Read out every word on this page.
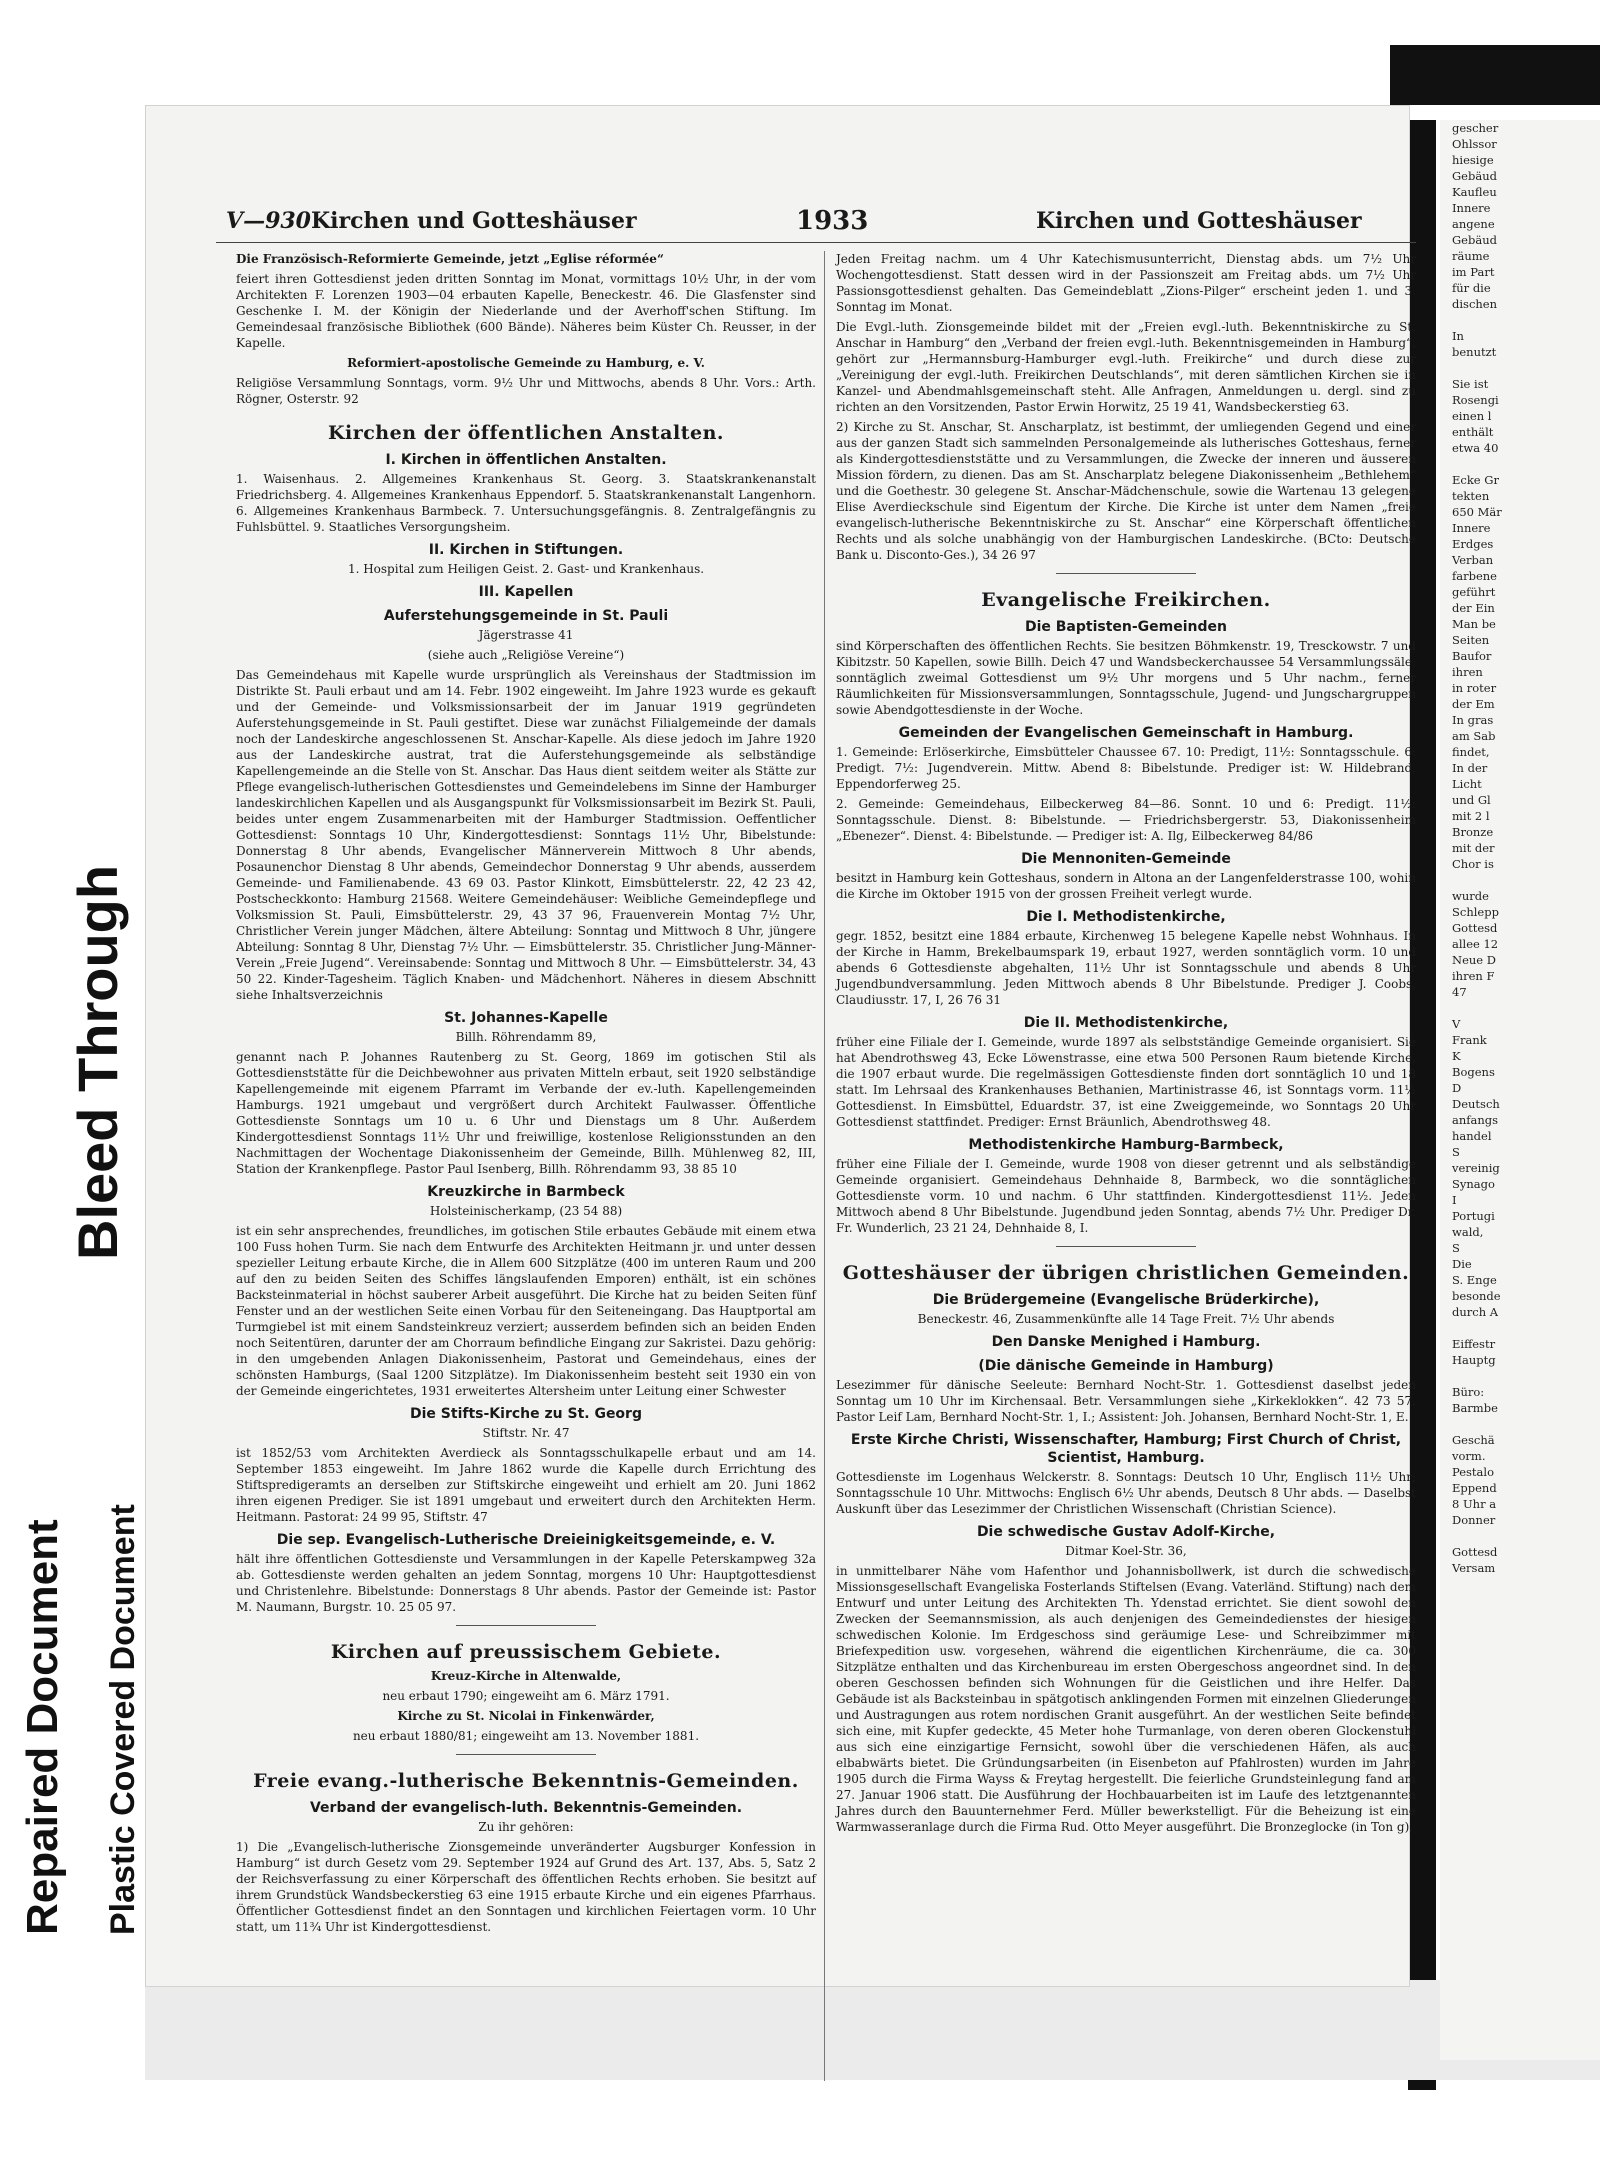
Repaired Document Plastic Covered Document
Bleed Through
gescher
Ohlssor
hiesige
Gebäud
Kaufleu
Innere
angene
Gebäud
räume
im Part
für die
dischen

In
benutzt

Sie ist
Rosengi
einen l
enthält
etwa 40

Ecke Gr
tekten
650 Mär
Innere
Erdges
Verban
farbene
geführt
der Ein
Man be
Seiten
Baufor
ihren
in roter
der Em
In gras
am Sab
findet,
In der
Licht
und Gl
mit 2 l
Bronze
mit der
Chor is

wurde
Schlepp
Gottesd
allee 12
Neue D
ihren F
47

V
Frank
K
Bogens
D
Deutsch
anfangs
handel
S
vereinig
Synago
I
Portugi
wald,
S
Die
S. Enge
besonde
durch A

Eiffestr
Hauptg

Büro:
Barmbe

Geschä
vorm.
Pestalo
Eppend
8 Uhr a
Donner

Gottesd
Versam
V—930 Kirchen und Gotteshäuser	1933	Kirchen und Gotteshäuser

Die Französisch-Reformierte Gemeinde, jetzt „Eglise réformée“

feiert ihren Gottesdienst jeden dritten Sonntag im Monat, vormittags 10½ Uhr, in der vom Architekten F. Lorenzen 1903—04 erbauten Kapelle, Beneckestr. 46. Die Glasfenster sind Geschenke I. M. der Königin der Niederlande und der Averhoff'schen Stiftung. Im Gemeindesaal französische Bibliothek (600 Bände). Näheres beim Küster Ch. Reusser, in der Kapelle.

Reformiert-apostolische Gemeinde zu Hamburg, e. V.

Religiöse Versammlung Sonntags, vorm. 9½ Uhr und Mittwochs, abends 8 Uhr. Vors.: Arth. Rögner, Osterstr. 92

Kirchen der öffentlichen Anstalten.
I. Kirchen in öffentlichen Anstalten.

1. Waisenhaus. 2. Allgemeines Krankenhaus St. Georg. 3. Staatskrankenanstalt Friedrichsberg. 4. Allgemeines Krankenhaus Eppendorf. 5. Staatskrankenanstalt Langenhorn. 6. Allgemeines Krankenhaus Barmbeck. 7. Untersuchungsgefängnis. 8. Zentralgefängnis zu Fuhlsbüttel. 9. Staatliches Versorgungsheim.

II. Kirchen in Stiftungen.

1. Hospital zum Heiligen Geist. 2. Gast- und Krankenhaus.

III. Kapellen
Auferstehungsgemeinde in St. Pauli

Jägerstrasse 41

(siehe auch „Religiöse Vereine“)

Das Gemeindehaus mit Kapelle wurde ursprünglich als Vereinshaus der Stadtmission im Distrikte St. Pauli erbaut und am 14. Febr. 1902 eingeweiht. Im Jahre 1923 wurde es gekauft und der Gemeinde- und Volksmissionsarbeit der im Januar 1919 gegründeten Auferstehungsgemeinde in St. Pauli gestiftet. Diese war zunächst Filialgemeinde der damals noch der Landeskirche angeschlossenen St. Anschar-Kapelle. Als diese jedoch im Jahre 1920 aus der Landeskirche austrat, trat die Auferstehungsgemeinde als selbständige Kapellengemeinde an die Stelle von St. Anschar. Das Haus dient seitdem weiter als Stätte zur Pflege evangelisch-lutherischen Gottesdienstes und Gemeindelebens im Sinne der Hamburger landeskirchlichen Kapellen und als Ausgangspunkt für Volksmissionsarbeit im Bezirk St. Pauli, beides unter engem Zusammenarbeiten mit der Hamburger Stadtmission. Oeffentlicher Gottesdienst: Sonntags 10 Uhr, Kindergottesdienst: Sonntags 11½ Uhr, Bibelstunde: Donnerstag 8 Uhr abends, Evangelischer Männerverein Mittwoch 8 Uhr abends, Posaunenchor Dienstag 8 Uhr abends, Gemeindechor Donnerstag 9 Uhr abends, ausserdem Gemeinde- und Familienabende. 43 69 03. Pastor Klinkott, Eimsbüttelerstr. 22, 42 23 42, Postscheckkonto: Hamburg 21568. Weitere Gemeindehäuser: Weibliche Gemeindepflege und Volksmission St. Pauli, Eimsbüttelerstr. 29, 43 37 96, Frauenverein Montag 7½ Uhr, Christlicher Verein junger Mädchen, ältere Abteilung: Sonntag und Mittwoch 8 Uhr, jüngere Abteilung: Sonntag 8 Uhr, Dienstag 7½ Uhr. — Eimsbüttelerstr. 35. Christlicher Jung-Männer-Verein „Freie Jugend“. Vereinsabende: Sonntag und Mittwoch 8 Uhr. — Eimsbüttelerstr. 34, 43 50 22. Kinder-Tagesheim. Täglich Knaben- und Mädchenhort. Näheres in diesem Abschnitt siehe Inhaltsverzeichnis

St. Johannes-Kapelle

Billh. Röhrendamm 89,

genannt nach P. Johannes Rautenberg zu St. Georg, 1869 im gotischen Stil als Gottesdienststätte für die Deichbewohner aus privaten Mitteln erbaut, seit 1920 selbständige Kapellengemeinde mit eigenem Pfarramt im Verbande der ev.-luth. Kapellengemeinden Hamburgs. 1921 umgebaut und vergrößert durch Architekt Faulwasser. Öffentliche Gottesdienste Sonntags um 10 u. 6 Uhr und Dienstags um 8 Uhr. Außerdem Kindergottesdienst Sonntags 11½ Uhr und freiwillige, kostenlose Religionsstunden an den Nachmittagen der Wochentage Diakonissenheim der Gemeinde, Billh. Mühlenweg 82, III, Station der Krankenpflege. Pastor Paul Isenberg, Billh. Röhrendamm 93, 38 85 10

Kreuzkirche in Barmbeck

Holsteinischerkamp, (23 54 88)

ist ein sehr ansprechendes, freundliches, im gotischen Stile erbautes Gebäude mit einem etwa 100 Fuss hohen Turm. Sie nach dem Entwurfe des Architekten Heitmann jr. und unter dessen spezieller Leitung erbaute Kirche, die in Allem 600 Sitzplätze (400 im unteren Raum und 200 auf den zu beiden Seiten des Schiffes längslaufenden Emporen) enthält, ist ein schönes Backsteinmaterial in höchst sauberer Arbeit ausgeführt. Die Kirche hat zu beiden Seiten fünf Fenster und an der westlichen Seite einen Vorbau für den Seiteneingang. Das Hauptportal am Turmgiebel ist mit einem Sandsteinkreuz verziert; ausserdem befinden sich an beiden Enden noch Seitentüren, darunter der am Chorraum befindliche Eingang zur Sakristei. Dazu gehörig: in den umgebenden Anlagen Diakonissenheim, Pastorat und Gemeindehaus, eines der schönsten Hamburgs, (Saal 1200 Sitzplätze). Im Diakonissenheim besteht seit 1930 ein von der Gemeinde eingerichtetes, 1931 erweitertes Altersheim unter Leitung einer Schwester

Die Stifts-Kirche zu St. Georg

Stiftstr. Nr. 47

ist 1852/53 vom Architekten Averdieck als Sonntagsschulkapelle erbaut und am 14. September 1853 eingeweiht. Im Jahre 1862 wurde die Kapelle durch Errichtung des Stiftspredigeramts an derselben zur Stiftskirche eingeweiht und erhielt am 20. Juni 1862 ihren eigenen Prediger. Sie ist 1891 umgebaut und erweitert durch den Architekten Herm. Heitmann. Pastorat: 24 99 95, Stiftstr. 47

Die sep. Evangelisch-Lutherische Dreieinigkeitsgemeinde, e. V.

hält ihre öffentlichen Gottesdienste und Versammlungen in der Kapelle Peterskampweg 32a ab. Gottesdienste werden gehalten an jedem Sonntag, morgens 10 Uhr: Hauptgottesdienst und Christenlehre. Bibelstunde: Donnerstags 8 Uhr abends. Pastor der Gemeinde ist: Pastor M. Naumann, Burgstr. 10. 25 05 97.

Kirchen auf preussischem Gebiete.

Kreuz-Kirche in Altenwalde,

neu erbaut 1790; eingeweiht am 6. März 1791.

Kirche zu St. Nicolai in Finkenwärder,

neu erbaut 1880/81; eingeweiht am 13. November 1881.

Freie evang.-lutherische Bekenntnis-Gemeinden.
Verband der evangelisch-luth. Bekenntnis-Gemeinden.

Zu ihr gehören:

1) Die „Evangelisch-lutherische Zionsgemeinde unveränderter Augsburger Konfession in Hamburg“ ist durch Gesetz vom 29. September 1924 auf Grund des Art. 137, Abs. 5, Satz 2 der Reichsverfassung zu einer Körperschaft des öffentlichen Rechts erhoben. Sie besitzt auf ihrem Grundstück Wandsbeckerstieg 63 eine 1915 erbaute Kirche und ein eigenes Pfarrhaus. Öffentlicher Gottesdienst findet an den Sonntagen und kirchlichen Feiertagen vorm. 10 Uhr statt, um 11¾ Uhr ist Kindergottesdienst.

Jeden Freitag nachm. um 4 Uhr Katechismusunterricht, Dienstag abds. um 7½ Uhr Wochengottesdienst. Statt dessen wird in der Passionszeit am Freitag abds. um 7½ Uhr Passionsgottesdienst gehalten. Das Gemeindeblatt „Zions-Pilger“ erscheint jeden 1. und 3. Sonntag im Monat.

Die Evgl.-luth. Zionsgemeinde bildet mit der „Freien evgl.-luth. Bekenntniskirche zu St. Anschar in Hamburg“ den „Verband der freien evgl.-luth. Bekenntnisgemeinden in Hamburg“, gehört zur „Hermannsburg-Hamburger evgl.-luth. Freikirche“ und durch diese zur „Vereinigung der evgl.-luth. Freikirchen Deutschlands“, mit deren sämtlichen Kirchen sie in Kanzel- und Abendmahlsgemeinschaft steht. Alle Anfragen, Anmeldungen u. dergl. sind zu richten an den Vorsitzenden, Pastor Erwin Horwitz, 25 19 41, Wandsbeckerstieg 63.

2) Kirche zu St. Anschar, St. Anscharplatz, ist bestimmt, der umliegenden Gegend und einer aus der ganzen Stadt sich sammelnden Personalgemeinde als lutherisches Gotteshaus, ferner als Kindergottesdienststätte und zu Versammlungen, die Zwecke der inneren und äusseren Mission fördern, zu dienen. Das am St. Anscharplatz belegene Diakonissenheim „Bethlehem“ und die Goethestr. 30 gelegene St. Anschar-Mädchenschule, sowie die Wartenau 13 gelegene Elise Averdieckschule sind Eigentum der Kirche. Die Kirche ist unter dem Namen „freie evangelisch-lutherische Bekenntniskirche zu St. Anschar“ eine Körperschaft öffentlichen Rechts und als solche unabhängig von der Hamburgischen Landeskirche. (BCto: Deutsche Bank u. Disconto-Ges.), 34 26 97

Evangelische Freikirchen.
Die Baptisten-Gemeinden

sind Körperschaften des öffentlichen Rechts. Sie besitzen Böhmkenstr. 19, Tresckowstr. 7 und Kibitzstr. 50 Kapellen, sowie Billh. Deich 47 und Wandsbeckerchaussee 54 Versammlungssäle; sonntäglich zweimal Gottesdienst um 9½ Uhr morgens und 5 Uhr nachm., ferner Räumlichkeiten für Missionsversammlungen, Sonntagsschule, Jugend- und Jungschargruppen sowie Abendgottesdienste in der Woche.

Gemeinden der Evangelischen Gemeinschaft in Hamburg.

1. Gemeinde: Erlöserkirche, Eimsbütteler Chaussee 67. 10: Predigt, 11½: Sonntagsschule. 6: Predigt. 7½: Jugendverein. Mittw. Abend 8: Bibelstunde. Prediger ist: W. Hildebrand, Eppendorferweg 25.

2. Gemeinde: Gemeindehaus, Eilbeckerweg 84—86. Sonnt. 10 und 6: Predigt. 11½: Sonntagsschule. Dienst. 8: Bibelstunde. — Friedrichsbergerstr. 53, Diakonissenheim „Ebenezer“. Dienst. 4: Bibelstunde. — Prediger ist: A. Ilg, Eilbeckerweg 84/86

Die Mennoniten-Gemeinde

besitzt in Hamburg kein Gotteshaus, sondern in Altona an der Langenfelderstrasse 100, wohin die Kirche im Oktober 1915 von der grossen Freiheit verlegt wurde.

Die I. Methodistenkirche,

gegr. 1852, besitzt eine 1884 erbaute, Kirchenweg 15 belegene Kapelle nebst Wohnhaus. In der Kirche in Hamm, Brekelbaumspark 19, erbaut 1927, werden sonntäglich vorm. 10 und abends 6 Gottesdienste abgehalten, 11½ Uhr ist Sonntagsschule und abends 8 Uhr Jugendbundversammlung. Jeden Mittwoch abends 8 Uhr Bibelstunde. Prediger J. Coobs, Claudiusstr. 17, I, 26 76 31

Die II. Methodistenkirche,

früher eine Filiale der I. Gemeinde, wurde 1897 als selbstständige Gemeinde organisiert. Sie hat Abendrothsweg 43, Ecke Löwenstrasse, eine etwa 500 Personen Raum bietende Kirche, die 1907 erbaut wurde. Die regelmässigen Gottesdienste finden dort sonntäglich 10 und 18 statt. Im Lehrsaal des Krankenhauses Bethanien, Martinistrasse 46, ist Sonntags vorm. 11½ Gottesdienst. In Eimsbüttel, Eduardstr. 37, ist eine Zweiggemeinde, wo Sonntags 20 Uhr Gottesdienst stattfindet. Prediger: Ernst Bräunlich, Abendrothsweg 48.

Methodistenkirche Hamburg-Barmbeck,

früher eine Filiale der I. Gemeinde, wurde 1908 von dieser getrennt und als selbständige Gemeinde organisiert. Gemeindehaus Dehnhaide 8, Barmbeck, wo die sonntäglichen Gottesdienste vorm. 10 und nachm. 6 Uhr stattfinden. Kindergottesdienst 11½. Jeden Mittwoch abend 8 Uhr Bibelstunde. Jugendbund jeden Sonntag, abends 7½ Uhr. Prediger Dr. Fr. Wunderlich, 23 21 24, Dehnhaide 8, I.

Gotteshäuser der übrigen christlichen Gemeinden.
Die Brüdergemeine (Evangelische Brüderkirche),

Beneckestr. 46, Zusammenkünfte alle 14 Tage Freit. 7½ Uhr abends

Den Danske Menighed i Hamburg.
(Die dänische Gemeinde in Hamburg)

Lesezimmer für dänische Seeleute: Bernhard Nocht-Str. 1. Gottesdienst daselbst jeden Sonntag um 10 Uhr im Kirchensaal. Betr. Versammlungen siehe „Kirkeklokken“. 42 73 57, Pastor Leif Lam, Bernhard Nocht-Str. 1, I.; Assistent: Joh. Johansen, Bernhard Nocht-Str. 1, E.

Erste Kirche Christi, Wissenschafter, Hamburg; First Church of Christ, Scientist, Hamburg.

Gottesdienste im Logenhaus Welckerstr. 8. Sonntags: Deutsch 10 Uhr, Englisch 11½ Uhr; Sonntagsschule 10 Uhr. Mittwochs: Englisch 6½ Uhr abends, Deutsch 8 Uhr abds. — Daselbst Auskunft über das Lesezimmer der Christlichen Wissenschaft (Christian Science).

Die schwedische Gustav Adolf-Kirche,

Ditmar Koel-Str. 36,

in unmittelbarer Nähe vom Hafenthor und Johannisbollwerk, ist durch die schwedische Missionsgesellschaft Evangeliska Fosterlands Stiftelsen (Evang. Vaterländ. Stiftung) nach dem Entwurf und unter Leitung des Architekten Th. Ydenstad errichtet. Sie dient sowohl den Zwecken der Seemannsmission, als auch denjenigen des Gemeindedienstes der hiesigen schwedischen Kolonie. Im Erdgeschoss sind geräumige Lese- und Schreibzimmer mit Briefexpedition usw. vorgesehen, während die eigentlichen Kirchenräume, die ca. 300 Sitzplätze enthalten und das Kirchenbureau im ersten Obergeschoss angeordnet sind. In den oberen Geschossen befinden sich Wohnungen für die Geistlichen und ihre Helfer. Das Gebäude ist als Backsteinbau in spätgotisch anklingenden Formen mit einzelnen Gliederungen und Austragungen aus rotem nordischen Granit ausgeführt. An der westlichen Seite befindet sich eine, mit Kupfer gedeckte, 45 Meter hohe Turmanlage, von deren oberen Glockenstuhl aus sich eine einzigartige Fernsicht, sowohl über die verschiedenen Häfen, als auch elbabwärts bietet. Die Gründungsarbeiten (in Eisenbeton auf Pfahlrosten) wurden im Jahre 1905 durch die Firma Wayss & Freytag hergestellt. Die feierliche Grundsteinlegung fand am 27. Januar 1906 statt. Die Ausführung der Hochbauarbeiten ist im Laufe des letztgenannten Jahres durch den Bauunternehmer Ferd. Müller bewerkstelligt. Für die Beheizung ist eine Warmwasseranlage durch die Firma Rud. Otto Meyer ausgeführt. Die Bronzeglocke (in Ton g),
